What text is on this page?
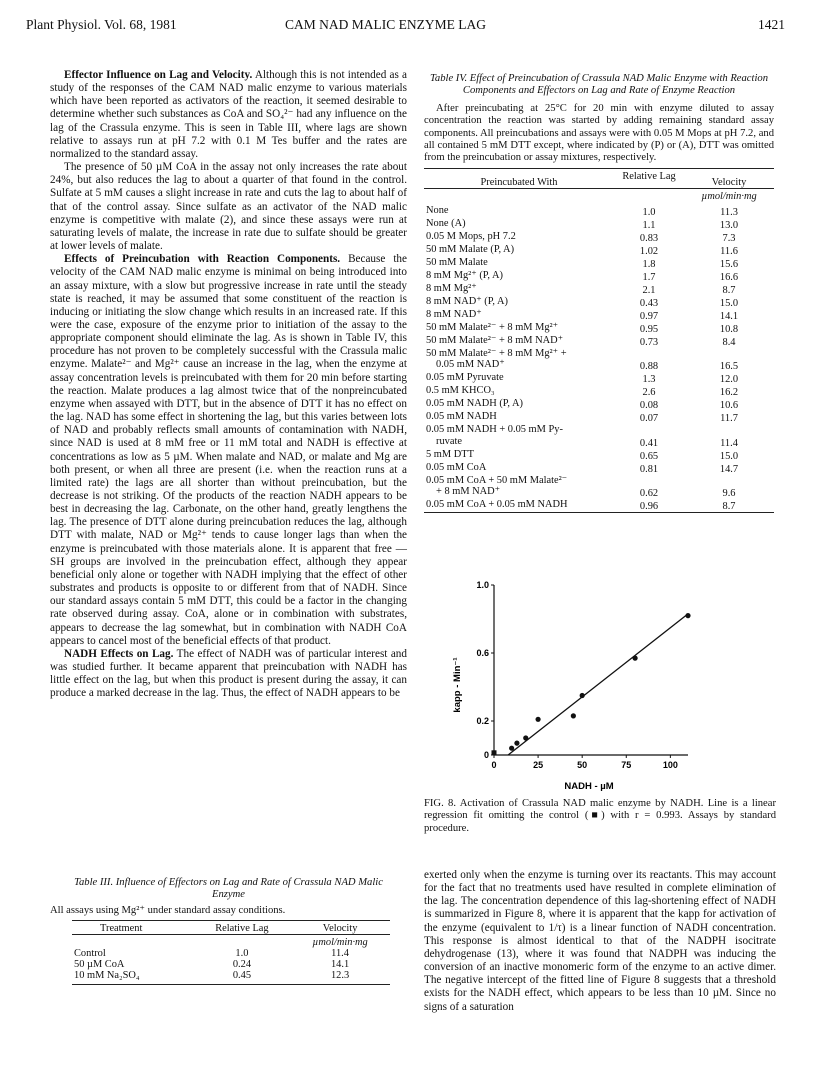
Plant Physiol. Vol. 68, 1981	CAM NAD MALIC ENZYME LAG	1421

Effector Influence on Lag and Velocity. Although this is not intended as a study of the responses of the CAM NAD malic enzyme to various materials which have been reported as activators of the reaction, it seemed desirable to determine whether such substances as CoA and SO₄²⁻ had any influence on the lag of the Crassula enzyme. This is seen in Table III, where lags are shown relative to assays run at pH 7.2 with 0.1 M Tes buffer and the rates are normalized to the standard assay.

The presence of 50 µM CoA in the assay not only increases the rate about 24%, but also reduces the lag to about a quarter of that found in the control. Sulfate at 5 mM causes a slight increase in rate and cuts the lag to about half of that of the control assay. Since sulfate as an activator of the NAD malic enzyme is competitive with malate (2), and since these assays were run at saturating levels of malate, the increase in rate due to sulfate should be greater at lower levels of malate.

Effects of Preincubation with Reaction Components. Because the velocity of the CAM NAD malic enzyme is minimal on being introduced into an assay mixture, with a slow but progressive increase in rate until the steady state is reached, it may be assumed that some constituent of the reaction is inducing or initiating the slow change which results in an increased rate. If this were the case, exposure of the enzyme prior to initiation of the assay to the appropriate component should eliminate the lag. As is shown in Table IV, this procedure has not proven to be completely successful with the Crassula malic enzyme. Malate²⁻ and Mg²⁺ cause an increase in the lag, when the enzyme at assay concentration levels is preincubated with them for 20 min before starting the reaction. Malate produces a lag almost twice that of the nonpreincubated enzyme when assayed with DTT, but in the absence of DTT it has no effect on the lag. NAD has some effect in shortening the lag, but this varies between lots of NAD and probably reflects small amounts of contamination with NADH, since NAD is used at 8 mM free or 11 mM total and NADH is effective at concentrations as low as 5 µM. When malate and NAD, or malate and Mg are both present, or when all three are present (i.e. when the reaction runs at a limited rate) the lags are all shorter than without preincubation, but the decrease is not striking. Of the products of the reaction NADH appears to be best in decreasing the lag. Carbonate, on the other hand, greatly lengthens the lag. The presence of DTT alone during preincubation reduces the lag, although DTT with malate, NAD or Mg²⁺ tends to cause longer lags than when the enzyme is preincubated with those materials alone. It is apparent that free —SH groups are involved in the preincubation effect, although they appear beneficial only alone or together with NADH implying that the effect of other substrates and products is opposite to or different from that of NADH. Since our standard assays contain 5 mM DTT, this could be a factor in the changing rate observed during assay. CoA, alone or in combination with substrates, appears to decrease the lag somewhat, but in combination with NADH CoA appears to cancel most of the beneficial effects of that product.

NADH Effects on Lag. The effect of NADH was of particular interest and was studied further. It became apparent that preincubation with NADH has little effect on the lag, but when this product is present during the assay, it can produce a marked decrease in the lag. Thus, the effect of NADH appears to be

Table III. Influence of Effectors on Lag and Rate of Crassula NAD Malic Enzyme
All assays using Mg²⁺ under standard assay conditions.
Treatment	Relative Lag	Velocity

		µmol/min·mg
Control	1.0	11.4
50 µM CoA	0.24	14.1
10 mM Na₂SO₄	0.45	12.3
Table IV. Effect of Preincubation of Crassula NAD Malic Enzyme with Reaction Components and Effectors on Lag and Rate of Enzyme Reaction
After preincubating at 25°C for 20 min with enzyme diluted to assay concentration the reaction was started by adding remaining standard assay components. All preincubations and assays were with 0.05 M Mops at pH 7.2, and all contained 5 mM DTT except, where indicated by (P) or (A), DTT was omitted from the preincubation or assay mixtures, respectively.
Preincubated With	Relative Lag	Velocity

		µmol/min·mg
None	1.0	11.3
None (A)	1.1	13.0
0.05 M Mops, pH 7.2	0.83	7.3
50 mM Malate (P, A)	1.02	11.6
50 mM Malate	1.8	15.6
8 mM Mg²⁺ (P, A)	1.7	16.6
8 mM Mg²⁺	2.1	8.7
8 mM NAD⁺ (P, A)	0.43	15.0
8 mM NAD⁺	0.97	14.1
50 mM Malate²⁻ + 8 mM Mg²⁺	0.95	10.8
50 mM Malate²⁻ + 8 mM NAD⁺	0.73	8.4
50 mM Malate²⁻ + 8 mM Mg²⁺ +
0.05 mM NAD⁺	0.88	16.5
0.05 mM Pyruvate	1.3	12.0
0.5 mM KHCO₃	2.6	16.2
0.05 mM NADH (P, A)	0.08	10.6
0.05 mM NADH	0.07	11.7
0.05 mM NADH + 0.05 mM Py-
ruvate	0.41	11.4
5 mM DTT	0.65	15.0
0.05 mM CoA	0.81	14.7
0.05 mM CoA + 50 mM Malate²⁻
+ 8 mM NAD⁺	0.62	9.6
0.05 mM CoA + 0.05 mM NADH	0.96	8.7
0	25	50	75	100
0
0.2
0.6
1.0
NADH - µM
kapp - Min⁻¹
FIG. 8. Activation of Crassula NAD malic enzyme by NADH. Line is a linear regression fit omitting the control (■) with r = 0.993. Assays by standard procedure.

exerted only when the enzyme is turning over its reactants. This may account for the fact that no treatments used have resulted in complete elimination of the lag. The concentration dependence of this lag-shortening effect of NADH is summarized in Figure 8, where it is apparent that the kapp for activation of the enzyme (equivalent to 1/τ) is a linear function of NADH concentration. This response is almost identical to that of the NADPH isocitrate dehydrogenase (13), where it was found that NADPH was inducing the conversion of an inactive monomeric form of the enzyme to an active dimer. The negative intercept of the fitted line of Figure 8 suggests that a threshold exists for the NADH effect, which appears to be less than 10 µM. Since no signs of a saturation
